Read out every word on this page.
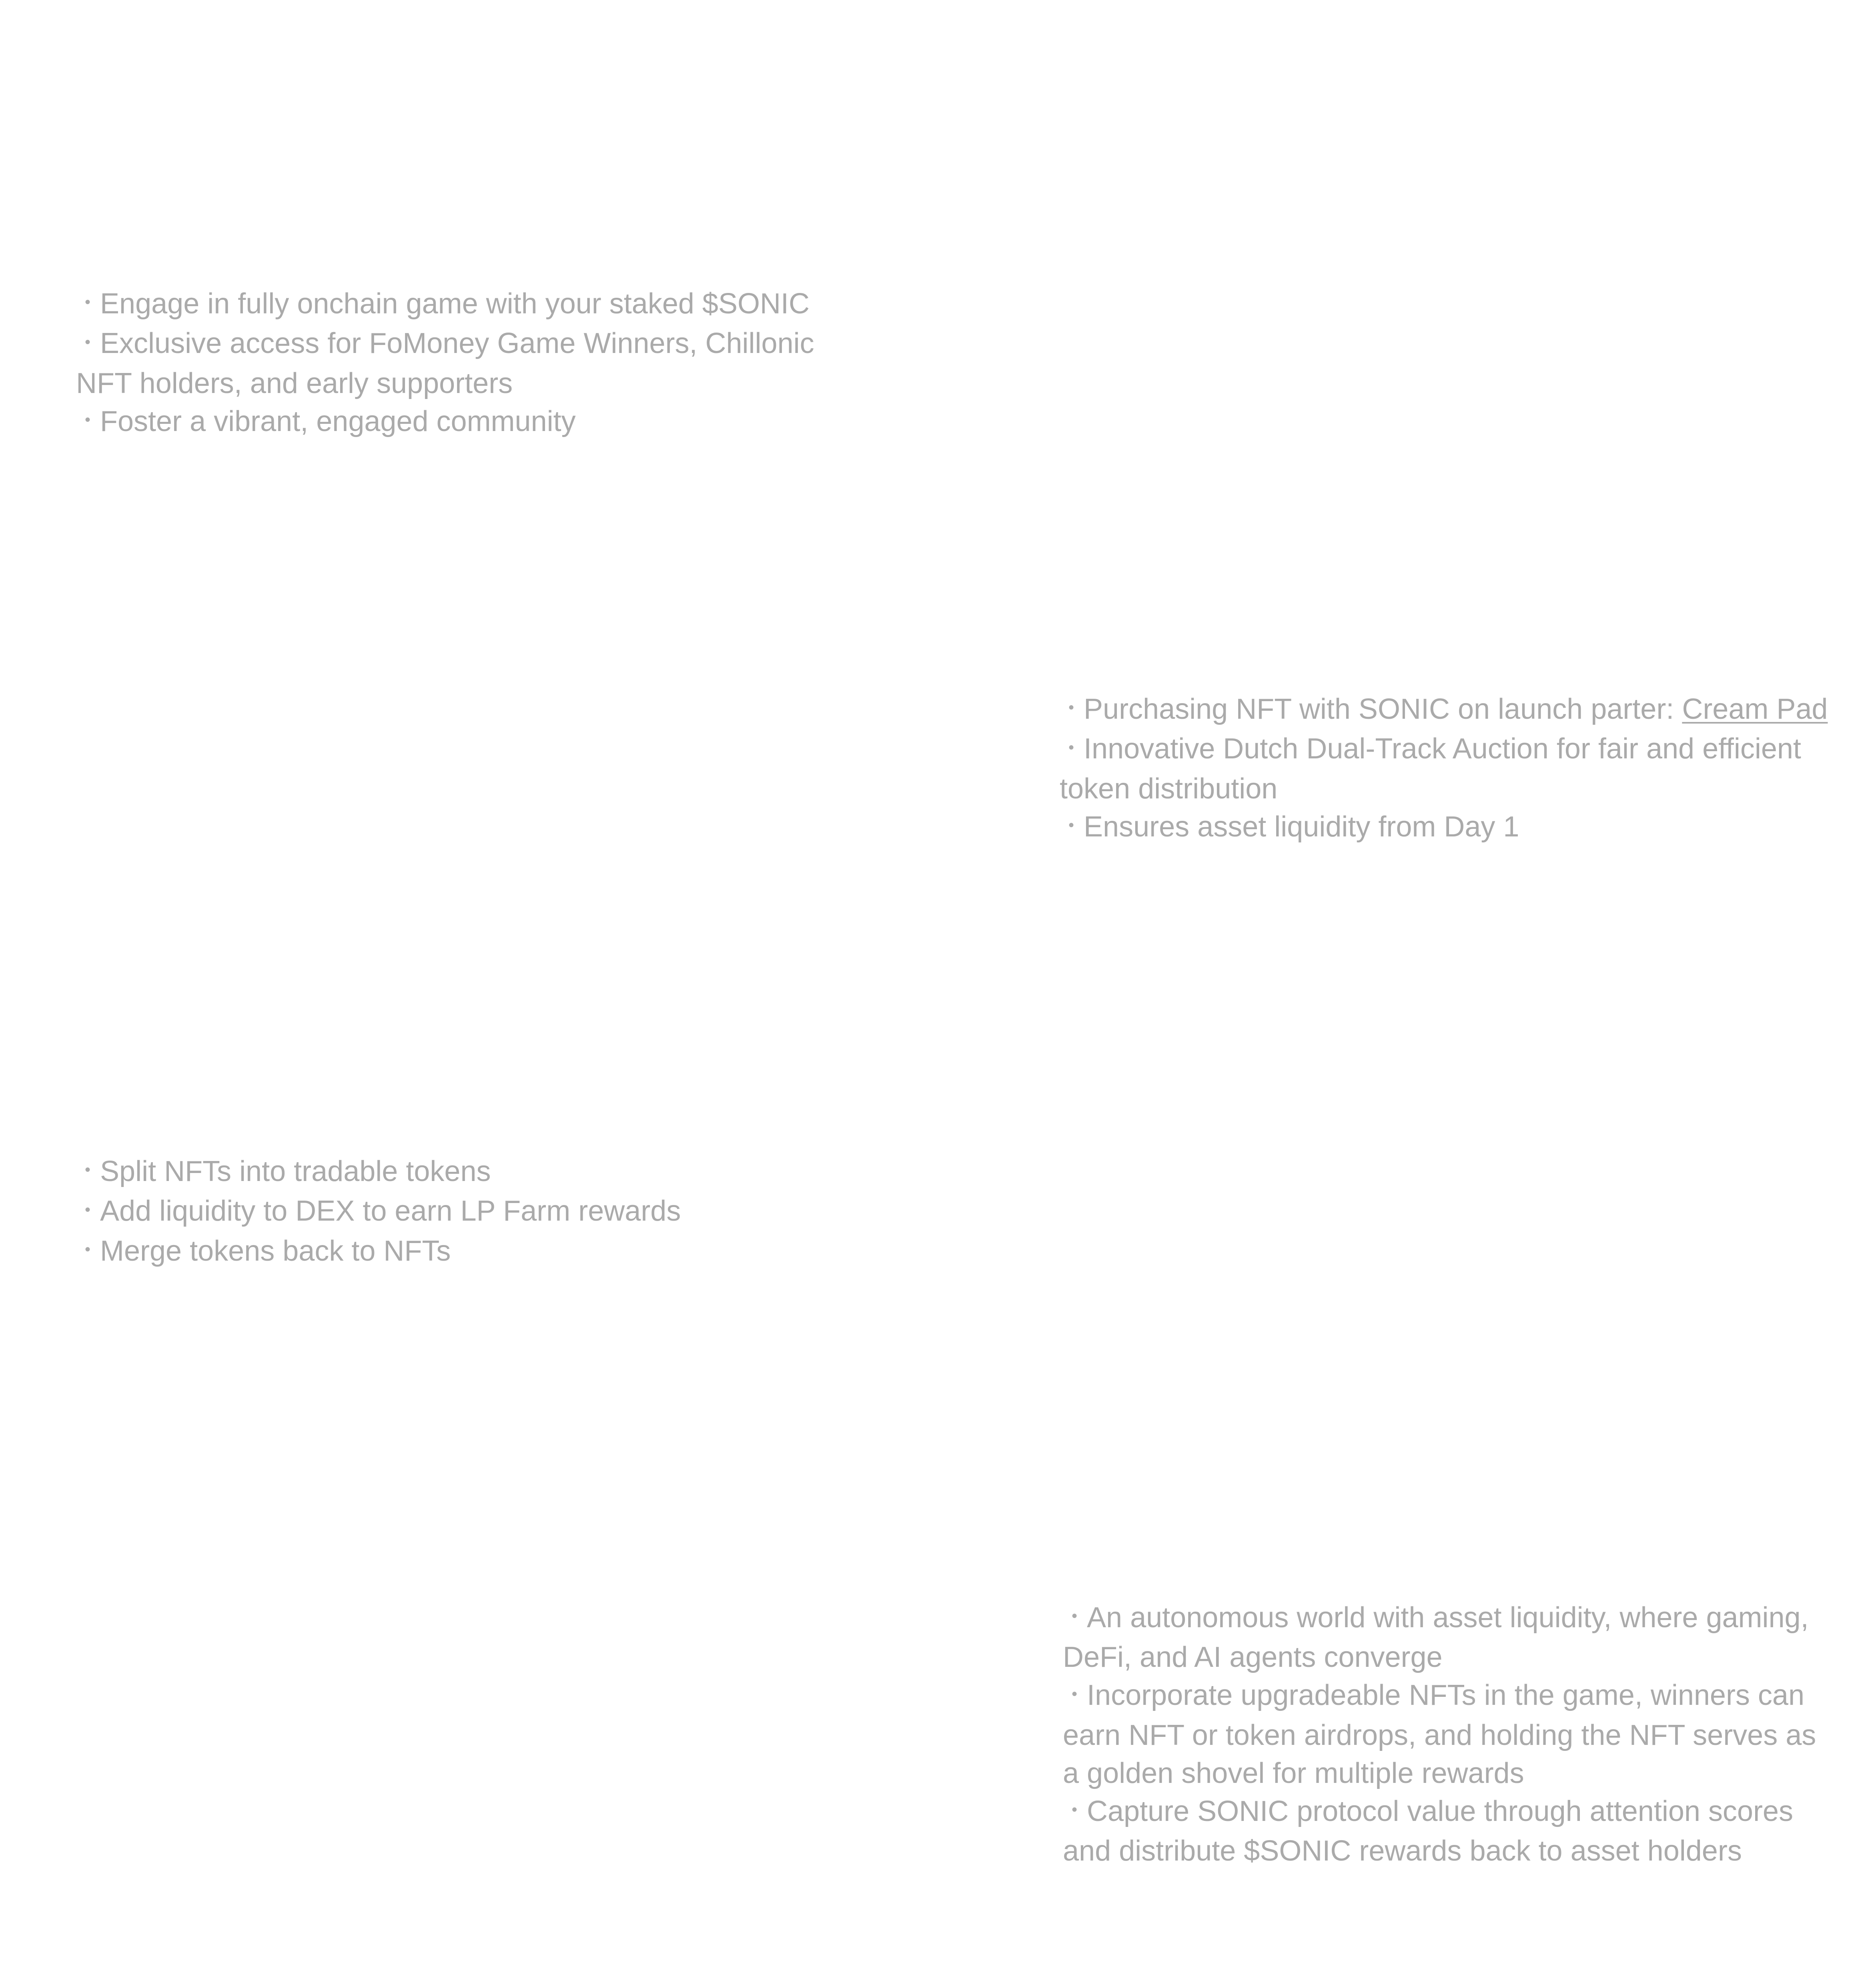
• Engage in fully onchain game with your staked $SONIC
• Exclusive access for FoMoney Game Winners, Chillonic NFT holders, and early supporters
• Foster a vibrant, engaged community
• Purchasing NFT with SONIC on launch parter: Cream Pad
• Innovative Dutch Dual-Track Auction for fair and efficient token distribution
• Ensures asset liquidity from Day 1
• Split NFTs into tradable tokens
• Add liquidity to DEX to earn LP Farm rewards
• Merge tokens back to NFTs
• An autonomous world with asset liquidity, where gaming, DeFi, and AI agents converge
• Incorporate upgradeable NFTs in the game, winners can earn NFT or token airdrops, and holding the NFT serves as a golden shovel for multiple rewards
• Capture SONIC protocol value through attention scores and distribute $SONIC rewards back to asset holders
